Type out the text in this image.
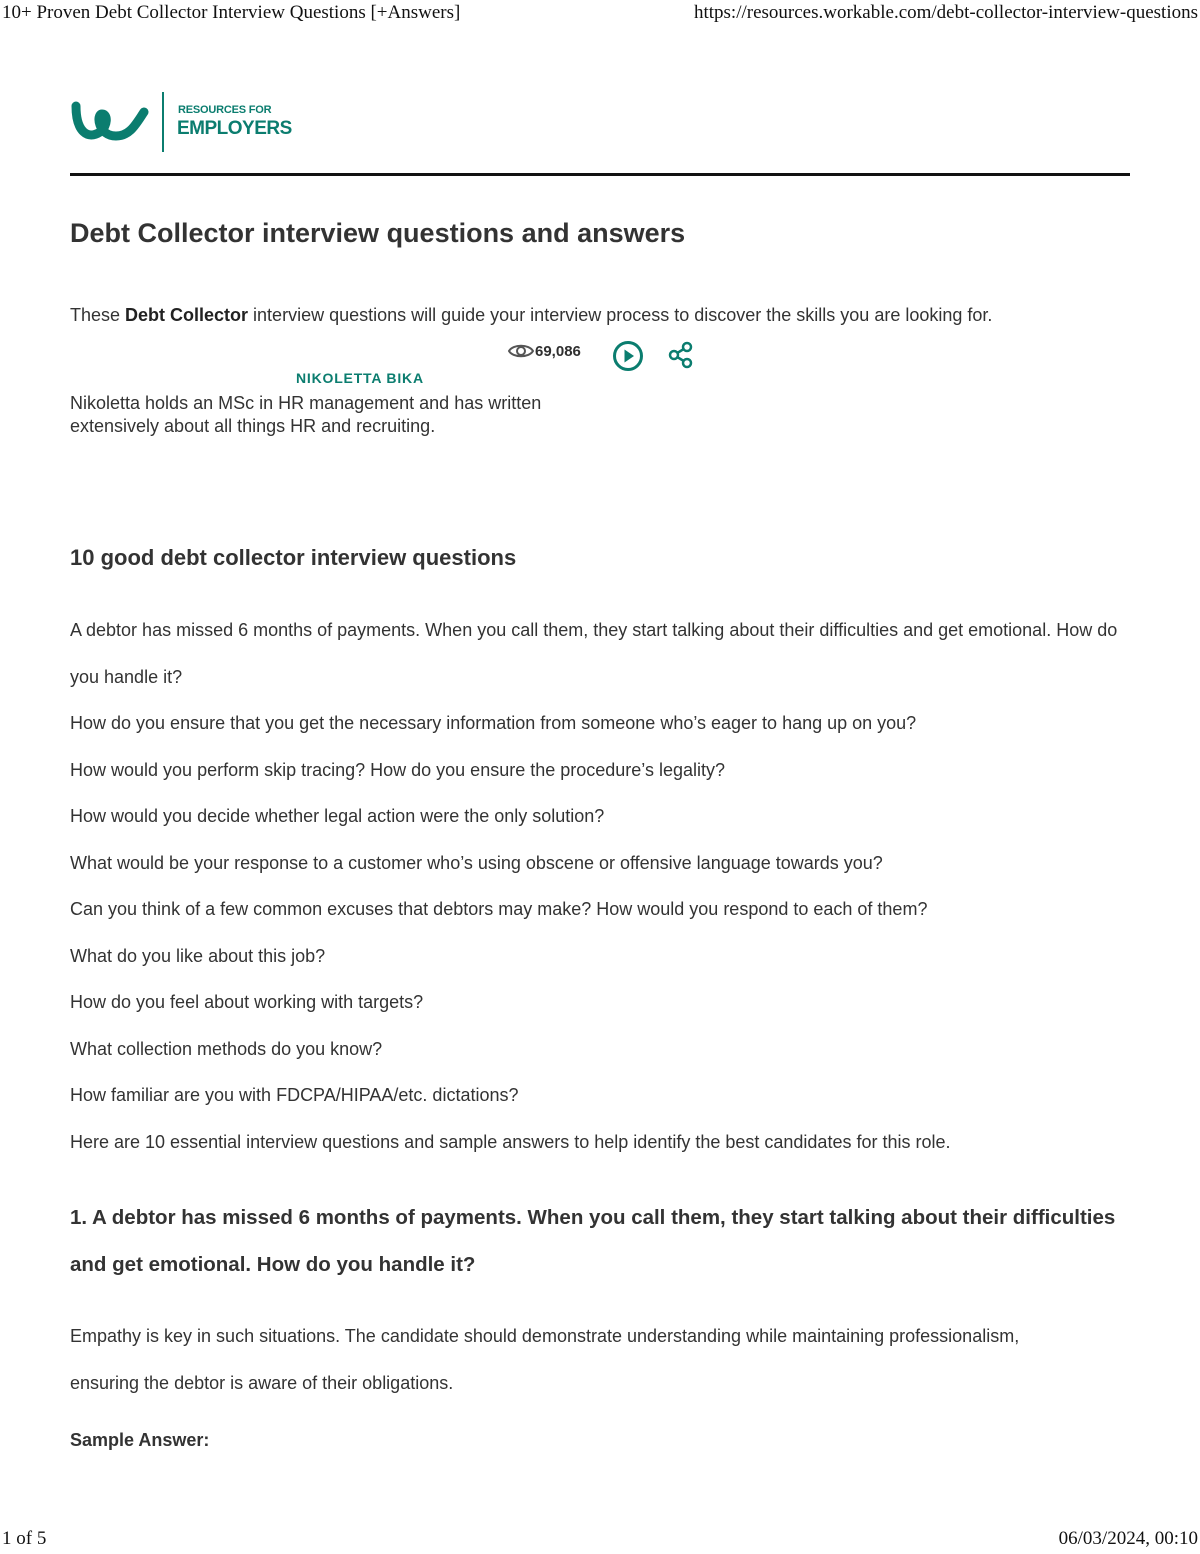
10+ Proven Debt Collector Interview Questions [+Answers]	https://resources.workable.com/debt-collector-interview-questions
RESOURCES FOR
EMPLOYERS
Debt Collector interview questions and answers
These Debt Collector interview questions will guide your interview process to discover the skills you are looking for.
69,086
NIKOLETTA BIKA
Nikoletta holds an MSc in HR management and has written extensively about all things HR and recruiting.
10 good debt collector interview questions
A debtor has missed 6 months of payments. When you call them, they start talking about their difficulties and get emotional. How do you handle it?
How do you ensure that you get the necessary information from someone who’s eager to hang up on you?
How would you perform skip tracing? How do you ensure the procedure’s legality?
How would you decide whether legal action were the only solution?
What would be your response to a customer who’s using obscene or offensive language towards you?
Can you think of a few common excuses that debtors may make? How would you respond to each of them?
What do you like about this job?
How do you feel about working with targets?
What collection methods do you know?
How familiar are you with FDCPA/HIPAA/etc. dictations?
Here are 10 essential interview questions and sample answers to help identify the best candidates for this role.
1. A debtor has missed 6 months of payments. When you call them, they start talking about their difficulties and get emotional. How do you handle it?
Empathy is key in such situations. The candidate should demonstrate understanding while maintaining professionalism, ensuring the debtor is aware of their obligations.
Sample Answer:
1 of 5	06/03/2024, 00:10
